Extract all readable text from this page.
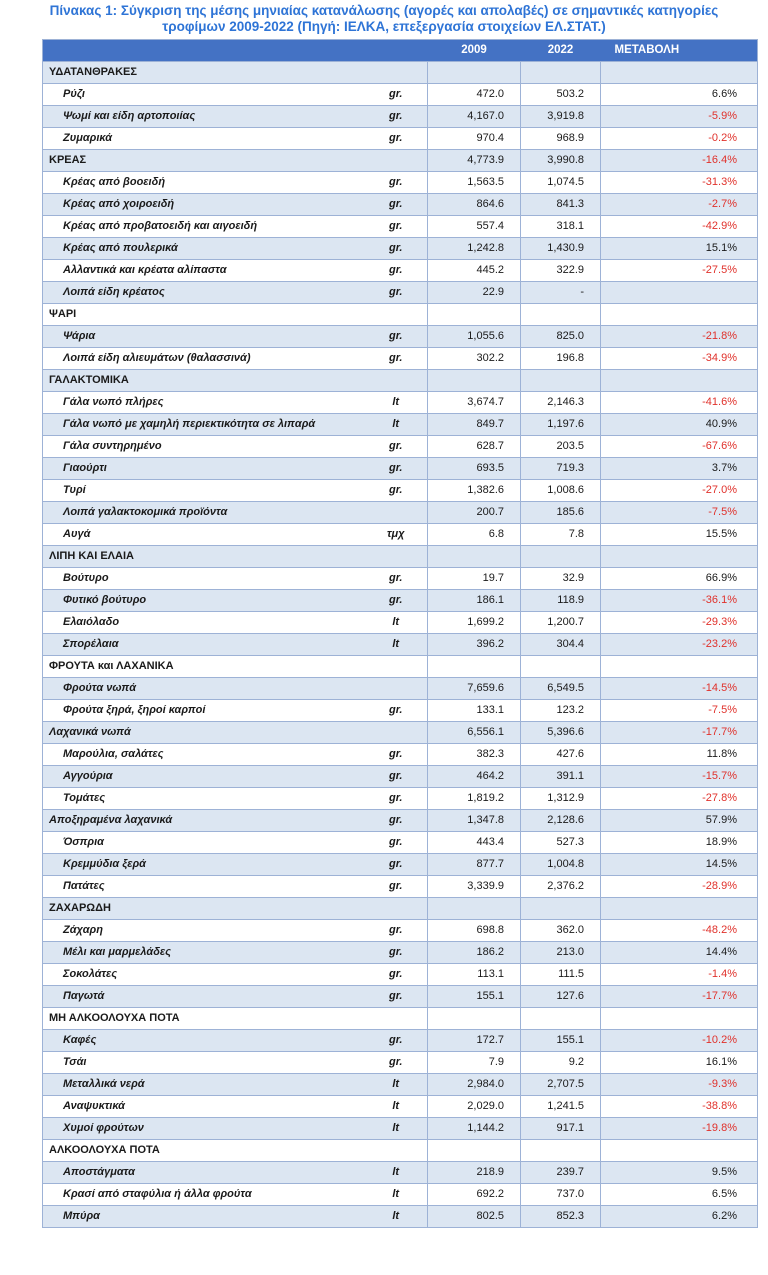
Πίνακας 1: Σύγκριση της μέσης μηνιαίας κατανάλωσης (αγορές και απολαβές) σε σημαντικές κατηγορίες
τροφίμων 2009-2022 (Πηγή: ΙΕΛΚΑ, επεξεργασία στοιχείων ΕΛ.ΣΤΑΤ.)
		2009	2022	ΜΕΤΑΒΟΛΗ
ΥΔΑΤΑΝΘΡΑΚΕΣ				
Ρύζι	gr.	472.0	503.2	6.6%
Ψωμί και είδη αρτοποιίας	gr.	4,167.0	3,919.8	-5.9%
Ζυμαρικά	gr.	970.4	968.9	-0.2%
ΚΡΕΑΣ		4,773.9	3,990.8	-16.4%
Κρέας από βοοειδή	gr.	1,563.5	1,074.5	-31.3%
Κρέας από χοιροειδή	gr.	864.6	841.3	-2.7%
Κρέας από προβατοειδή και αιγοειδή	gr.	557.4	318.1	-42.9%
Κρέας από πουλερικά	gr.	1,242.8	1,430.9	15.1%
Αλλαντικά και κρέατα αλίπαστα	gr.	445.2	322.9	-27.5%
Λοιπά είδη κρέατος	gr.	22.9	-	
ΨΑΡΙ				
Ψάρια	gr.	1,055.6	825.0	-21.8%
Λοιπά είδη αλιευμάτων (θαλασσινά)	gr.	302.2	196.8	-34.9%
ΓΑΛΑΚΤΟΜΙΚΑ				
Γάλα νωπό πλήρες	lt	3,674.7	2,146.3	-41.6%
Γάλα νωπό με χαμηλή περιεκτικότητα σε λιπαρά	lt	849.7	1,197.6	40.9%
Γάλα συντηρημένο	gr.	628.7	203.5	-67.6%
Γιαούρτι	gr.	693.5	719.3	3.7%
Τυρί	gr.	1,382.6	1,008.6	-27.0%
Λοιπά γαλακτοκομικά προϊόντα		200.7	185.6	-7.5%
Αυγά	τμχ	6.8	7.8	15.5%
ΛΙΠΗ ΚΑΙ ΕΛΑΙΑ				
Βούτυρο	gr.	19.7	32.9	66.9%
Φυτικό βούτυρο	gr.	186.1	118.9	-36.1%
Ελαιόλαδο	lt	1,699.2	1,200.7	-29.3%
Σπορέλαια	lt	396.2	304.4	-23.2%
ΦΡΟΥΤΑ και ΛΑΧΑΝΙΚΑ				
Φρούτα νωπά		7,659.6	6,549.5	-14.5%
Φρούτα ξηρά, ξηροί καρποί	gr.	133.1	123.2	-7.5%
Λαχανικά νωπά		6,556.1	5,396.6	-17.7%
Μαρούλια, σαλάτες	gr.	382.3	427.6	11.8%
Αγγούρια	gr.	464.2	391.1	-15.7%
Τομάτες	gr.	1,819.2	1,312.9	-27.8%
Αποξηραμένα λαχανικά	gr.	1,347.8	2,128.6	57.9%
Όσπρια	gr.	443.4	527.3	18.9%
Κρεμμύδια ξερά	gr.	877.7	1,004.8	14.5%
Πατάτες	gr.	3,339.9	2,376.2	-28.9%
ΖΑΧΑΡΩΔΗ				
Ζάχαρη	gr.	698.8	362.0	-48.2%
Μέλι και μαρμελάδες	gr.	186.2	213.0	14.4%
Σοκολάτες	gr.	113.1	111.5	-1.4%
Παγωτά	gr.	155.1	127.6	-17.7%
ΜΗ ΑΛΚΟΟΛΟΥΧΑ ΠΟΤΑ				
Καφές	gr.	172.7	155.1	-10.2%
Τσάι	gr.	7.9	9.2	16.1%
Μεταλλικά νερά	lt	2,984.0	2,707.5	-9.3%
Αναψυκτικά	lt	2,029.0	1,241.5	-38.8%
Χυμοί φρούτων	lt	1,144.2	917.1	-19.8%
ΑΛΚΟΟΛΟΥΧΑ ΠΟΤΑ				
Αποστάγματα	lt	218.9	239.7	9.5%
Κρασί από σταφύλια ή άλλα φρούτα	lt	692.2	737.0	6.5%
Μπύρα	lt	802.5	852.3	6.2%
